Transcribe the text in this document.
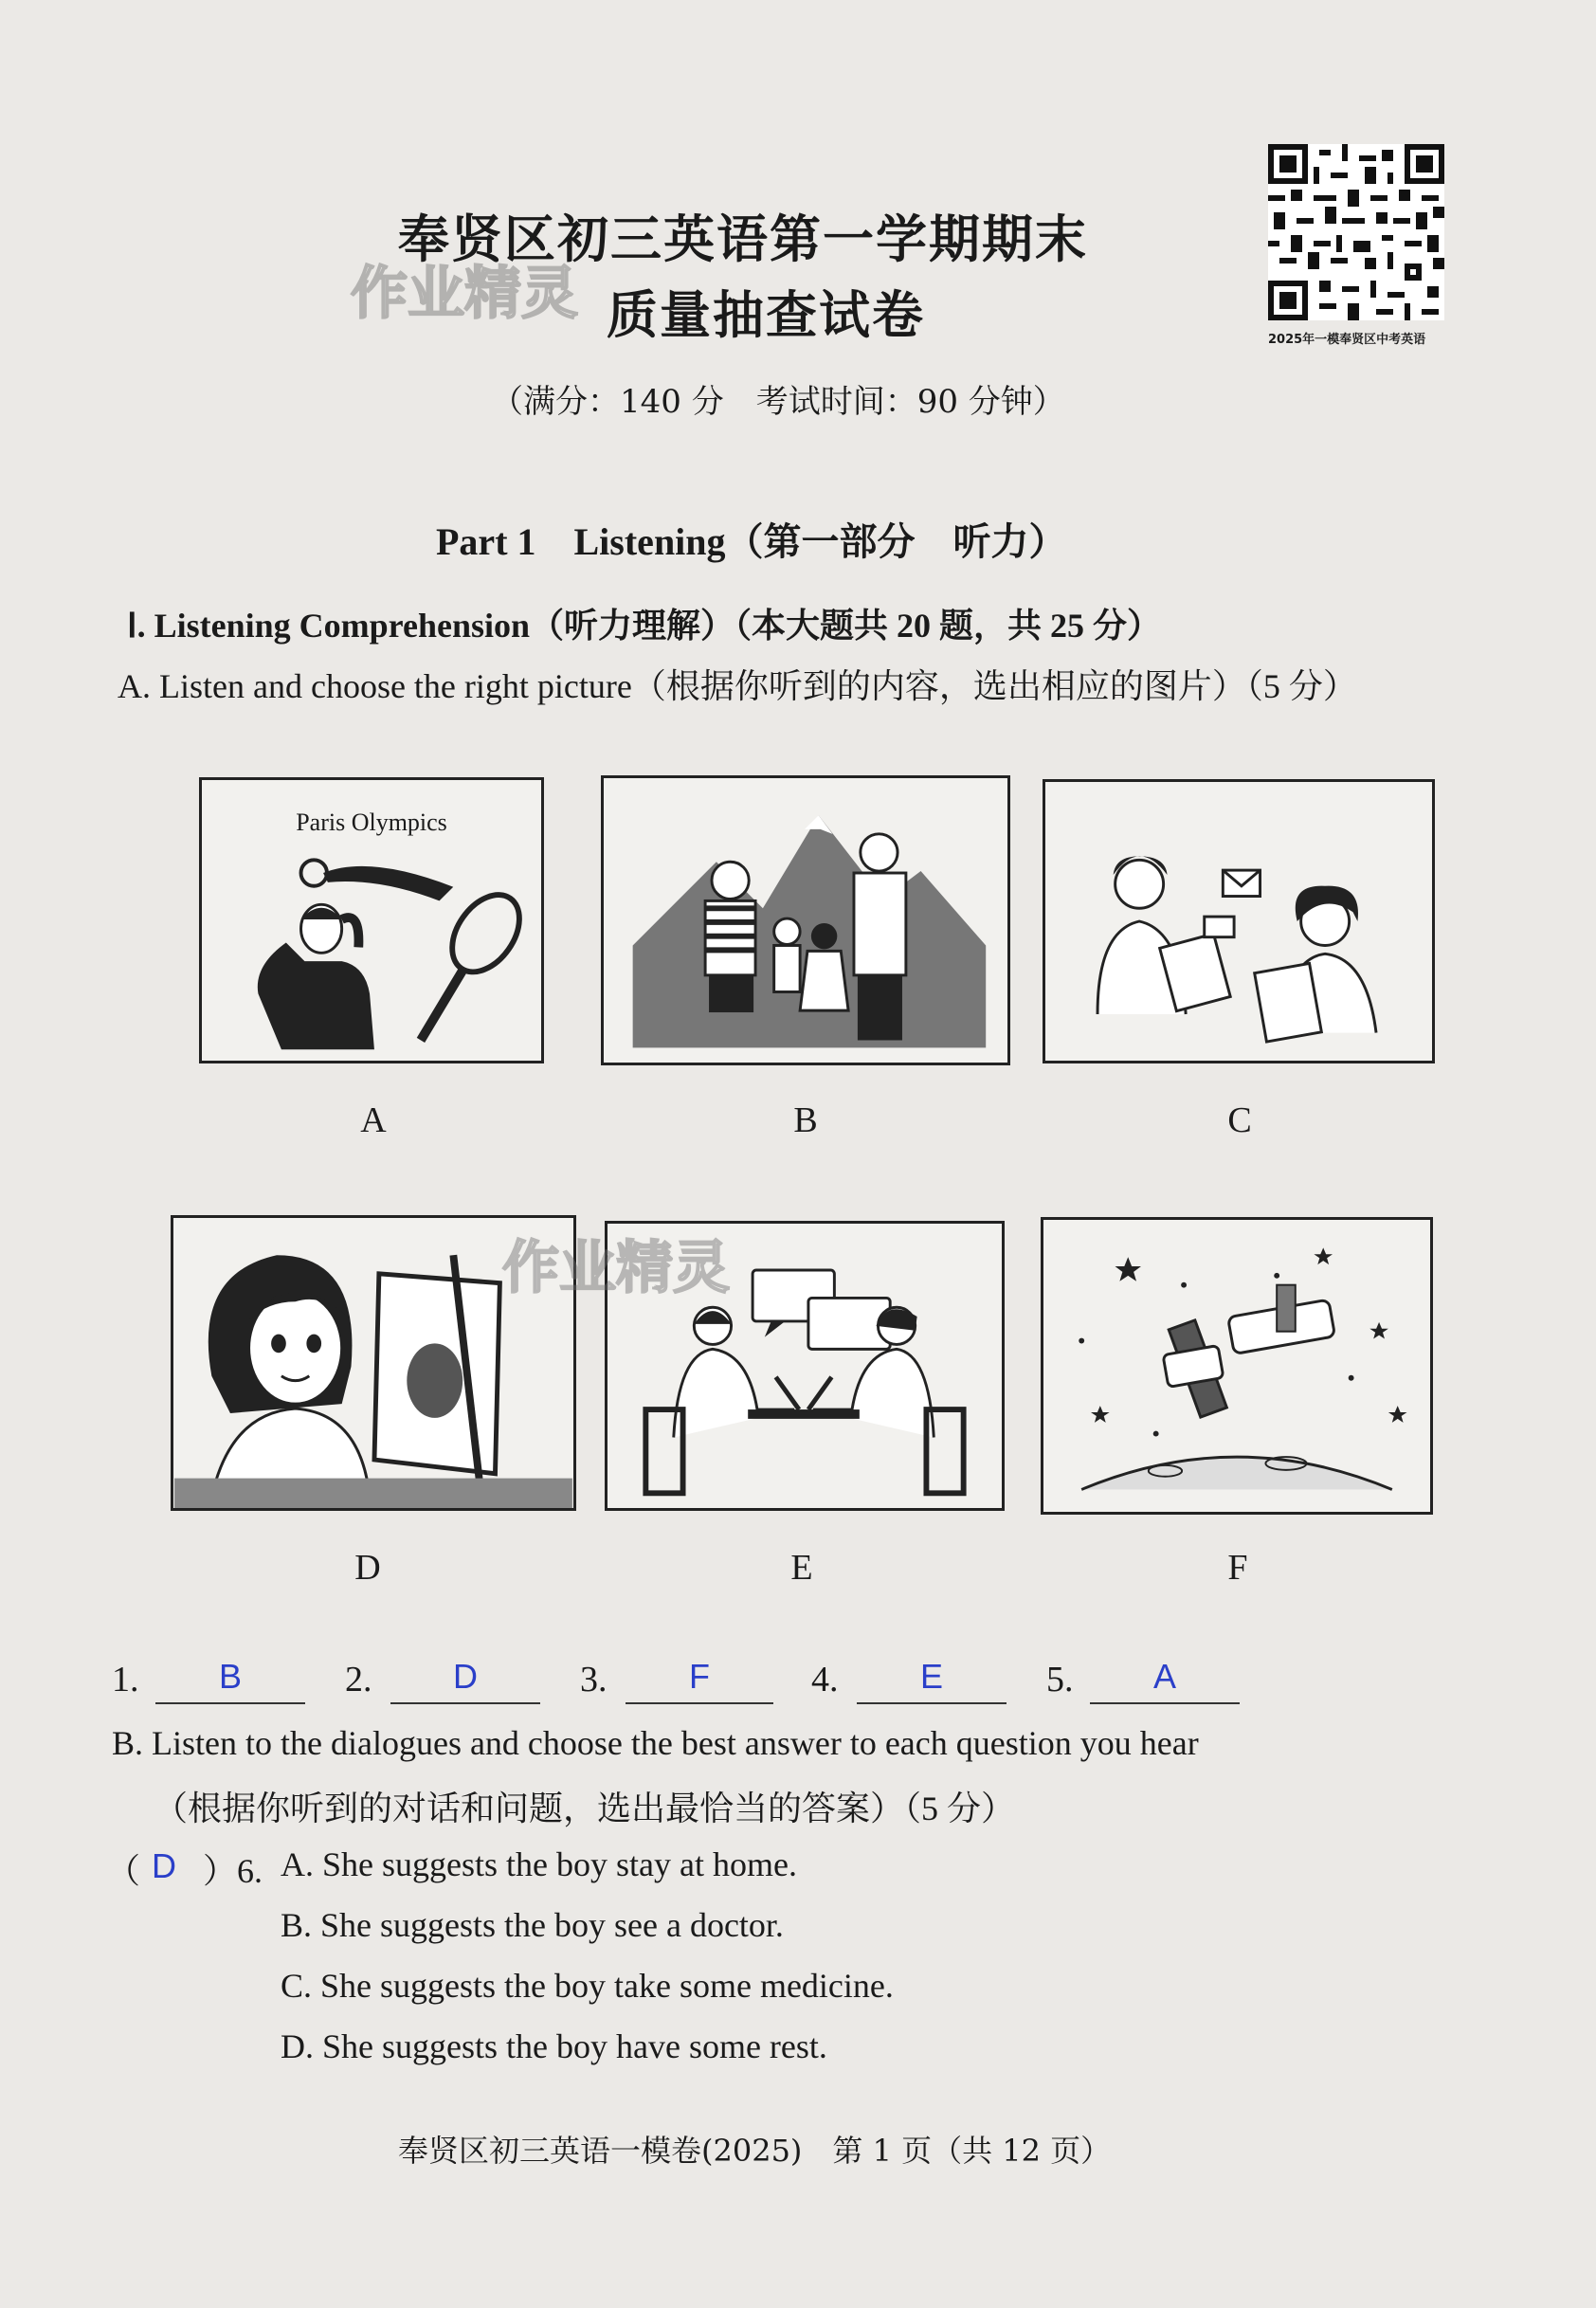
奉贤区初三英语第一学期期末
质量抽查试卷
作业精灵
（满分：140 分　考试时间：90 分钟）
2025年一模奉贤区中考英语
Part 1　Listening（第一部分　听力）
Ⅰ. Listening Comprehension（听力理解）（本大题共 20 题，共 25 分）
A. Listen and choose the right picture（根据你听到的内容，选出相应的图片）（5 分）
Paris Olympics
A	B	C
D	E	F
作业精灵
1.	B	2.	D	3.	F	4.	E	5.	A
B. Listen to the dialogues and choose the best answer to each question you hear
（根据你听到的对话和问题，选出最恰当的答案）（5 分）
（ D ）6. A. She suggests the boy stay at home.
B. She suggests the boy see a doctor.
C. She suggests the boy take some medicine.
D. She suggests the boy have some rest.
奉贤区初三英语一模卷(2025)　第 1 页（共 12 页）
